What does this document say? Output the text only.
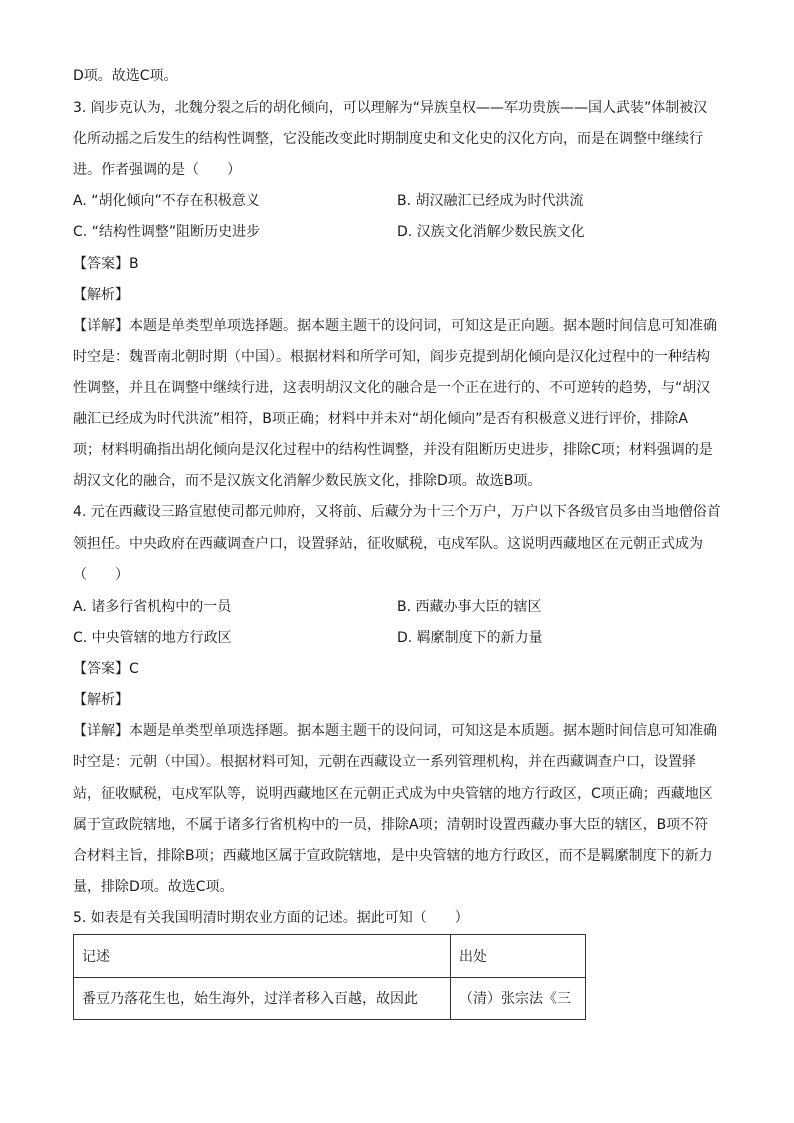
D项。故选C项。
3. 阎步克认为，北魏分裂之后的胡化倾向，可以理解为“异族皇权——军功贵族——国人武装”体制被汉
化所动摇之后发生的结构性调整，它没能改变此时期制度史和文化史的汉化方向，而是在调整中继续行
进。作者强调的是（　　）
A. “胡化倾向”不存在积极意义	B. 胡汉融汇已经成为时代洪流
C. “结构性调整”阻断历史进步	D. 汉族文化消解少数民族文化
【答案】B
【解析】
【详解】本题是单类型单项选择题。据本题主题干的设问词，可知这是正向题。据本题时间信息可知准确
时空是：魏晋南北朝时期（中国）。根据材料和所学可知，阎步克提到胡化倾向是汉化过程中的一种结构
性调整，并且在调整中继续行进，这表明胡汉文化的融合是一个正在进行的、不可逆转的趋势，与“胡汉
融汇已经成为时代洪流”相符，B项正确；材料中并未对“胡化倾向”是否有积极意义进行评价，排除A
项；材料明确指出胡化倾向是汉化过程中的结构性调整，并没有阻断历史进步，排除C项；材料强调的是
胡汉文化的融合，而不是汉族文化消解少数民族文化，排除D项。故选B项。
4. 元在西藏设三路宣慰使司都元帅府，又将前、后藏分为十三个万户，万户以下各级官员多由当地僧俗首
领担任。中央政府在西藏调查户口，设置驿站，征收赋税，屯戍军队。这说明西藏地区在元朝正式成为
（　　）
A. 诸多行省机构中的一员	B. 西藏办事大臣的辖区
C. 中央管辖的地方行政区	D. 羁縻制度下的新力量
【答案】C
【解析】
【详解】本题是单类型单项选择题。据本题主题干的设问词，可知这是本质题。据本题时间信息可知准确
时空是：元朝（中国）。根据材料可知，元朝在西藏设立一系列管理机构，并在西藏调查户口，设置驿
站，征收赋税，屯戍军队等，说明西藏地区在元朝正式成为中央管辖的地方行政区，C项正确；西藏地区
属于宣政院辖地，不属于诸多行省机构中的一员，排除A项；清朝时设置西藏办事大臣的辖区，B项不符
合材料主旨，排除B项；西藏地区属于宣政院辖地，是中央管辖的地方行政区，而不是羁縻制度下的新力
量，排除D项。故选C项。
5. 如表是有关我国明清时期农业方面的记述。据此可知（　　）
记述	出处
番豆乃落花生也，始生海外，过洋者移入百越，故因此	（清）张宗法《三
